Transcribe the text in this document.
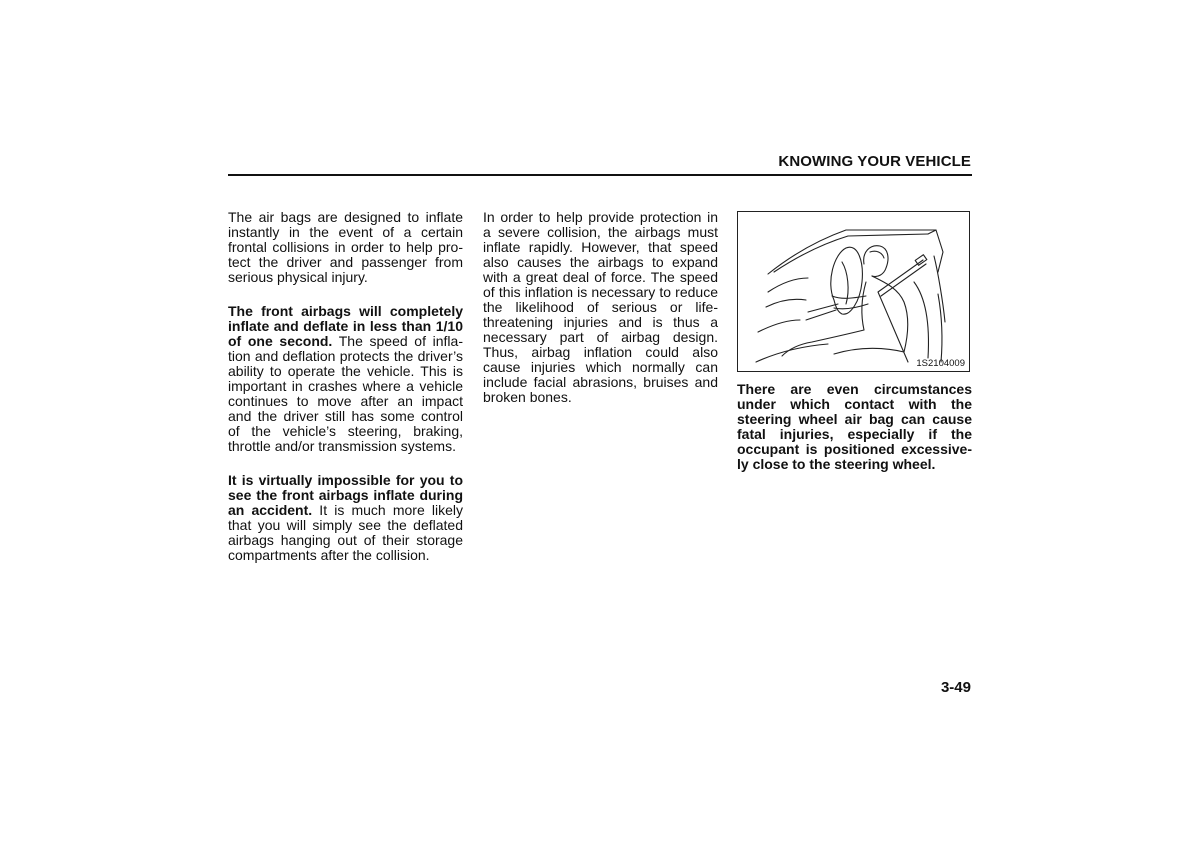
KNOWING YOUR VEHICLE

The air bags are designed to inflate instantly in the event of a certain frontal collisions in order to help pro-tect the driver and passenger from serious physical injury.

The front airbags will completely inflate and deflate in less than 1/10 of one second. The speed of infla-tion and deflation protects the driver’s ability to operate the vehicle. This is important in crashes where a vehicle continues to move after an impact and the driver still has some control of the vehicle’s steering, braking, throttle and/or transmission systems.

It is virtually impossible for you to see the front airbags inflate during an accident. It is much more likely that you will simply see the deflated airbags hanging out of their storage compartments after the collision.

In order to help provide protection in a severe collision, the airbags must inflate rapidly. However, that speed also causes the airbags to expand with a great deal of force. The speed of this inflation is necessary to reduce the likelihood of serious or life-threatening injuries and is thus a necessary part of airbag design. Thus, airbag inflation could also cause injuries which normally can include facial abrasions, bruises and broken bones.

1S2104009

There are even circumstances under which contact with the steering wheel air bag can cause fatal injuries, especially if the occupant is positioned excessive-ly close to the steering wheel.

3-49
